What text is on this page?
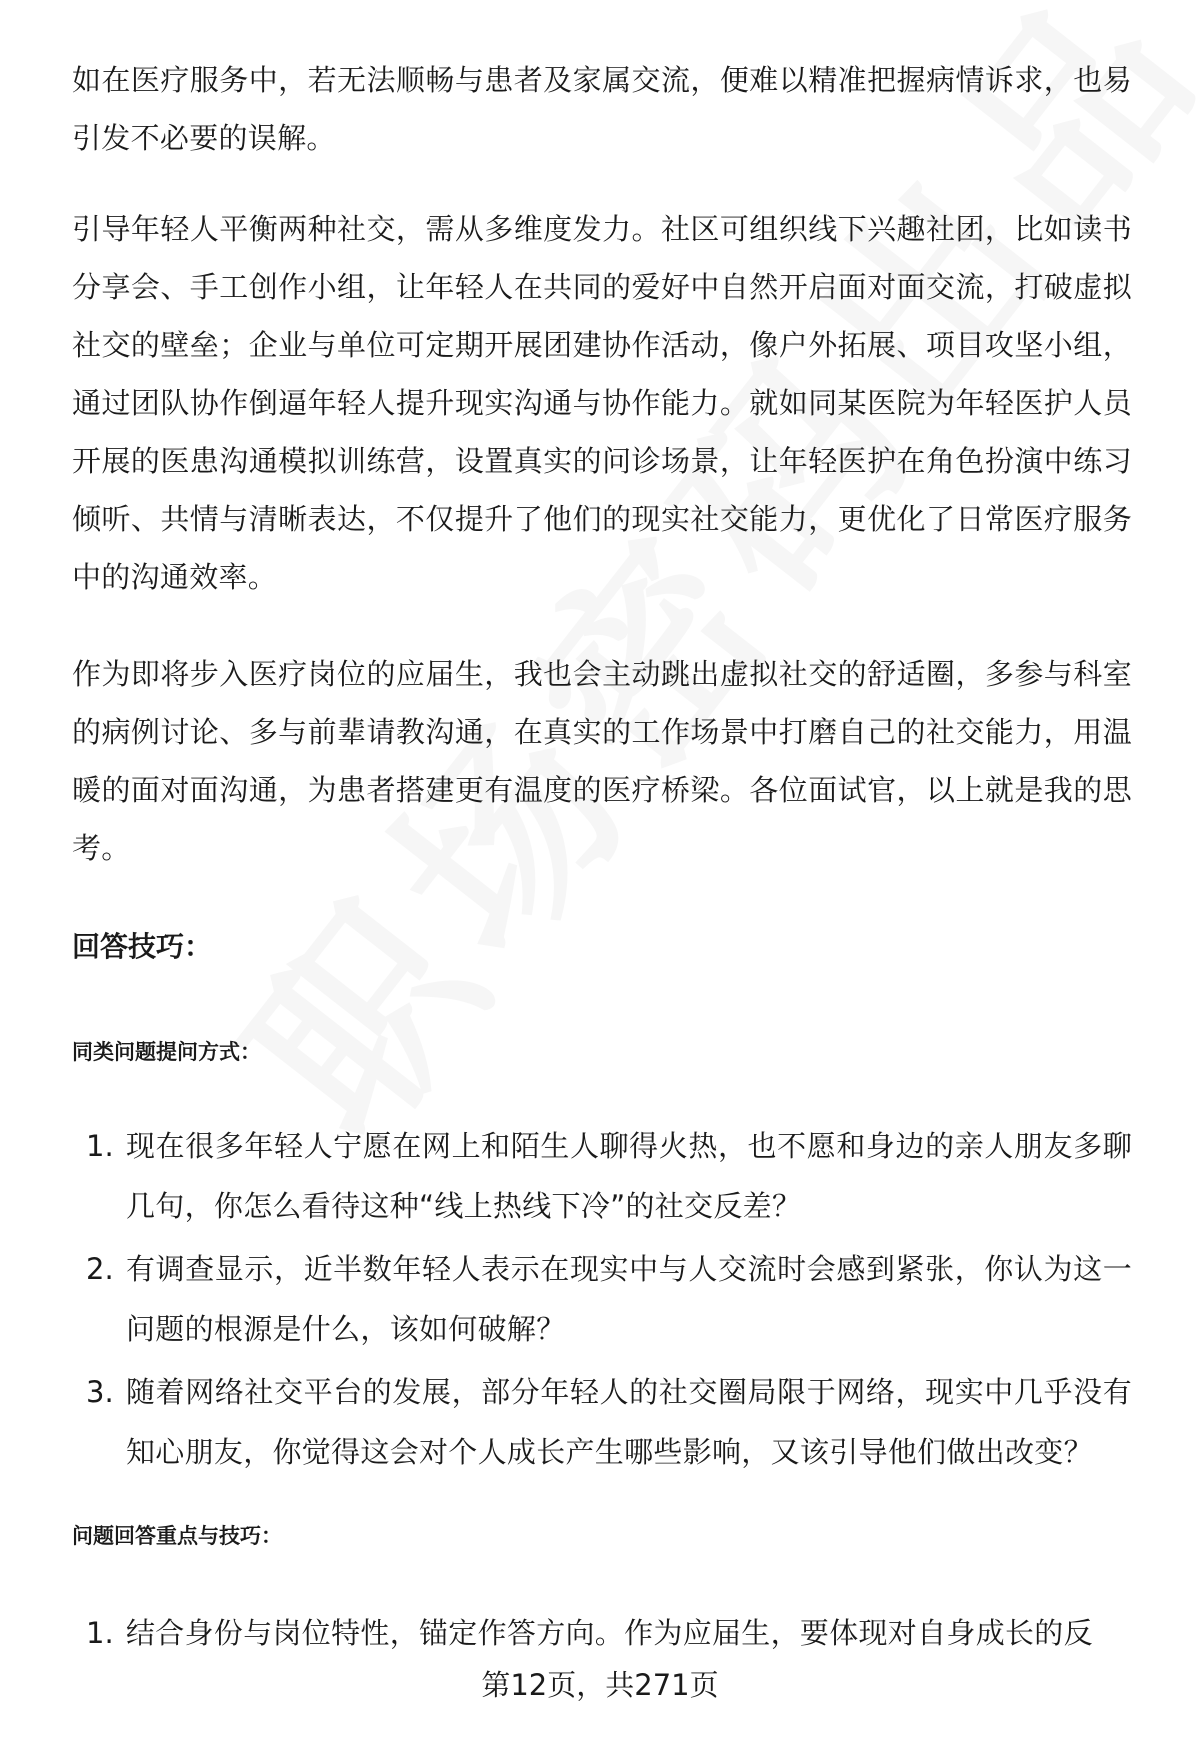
如在医疗服务中，若无法顺畅与患者及家属交流，便难以精准把握病情诉求，也易引发不必要的误解。

引导年轻人平衡两种社交，需从多维度发力。社区可组织线下兴趣社团，比如读书分享会、手工创作小组，让年轻人在共同的爱好中自然开启面对面交流，打破虚拟社交的壁垒；企业与单位可定期开展团建协作活动，像户外拓展、项目攻坚小组，通过团队协作倒逼年轻人提升现实沟通与协作能力。就如同某医院为年轻医护人员开展的医患沟通模拟训练营，设置真实的问诊场景，让年轻医护在角色扮演中练习倾听、共情与清晰表达，不仅提升了他们的现实社交能力，更优化了日常医疗服务中的沟通效率。

作为即将步入医疗岗位的应届生，我也会主动跳出虚拟社交的舒适圈，多参与科室的病例讨论、多与前辈请教沟通，在真实的工作场景中打磨自己的社交能力，用温暖的面对面沟通，为患者搭建更有温度的医疗桥梁。各位面试官，以上就是我的思考。

回答技巧：
同类问题提问方式：
1. 现在很多年轻人宁愿在网上和陌生人聊得火热，也不愿和身边的亲人朋友多聊几句，你怎么看待这种“线上热线下冷”的社交反差？
2. 有调查显示，近半数年轻人表示在现实中与人交流时会感到紧张，你认为这一问题的根源是什么，该如何破解？
3. 随着网络社交平台的发展，部分年轻人的社交圈局限于网络，现实中几乎没有知心朋友，你觉得这会对个人成长产生哪些影响，又该引导他们做出改变？
问题回答重点与技巧：
1. 结合身份与岗位特性，锚定作答方向。作为应届生，要体现对自身成长的反
第12页，共271页
